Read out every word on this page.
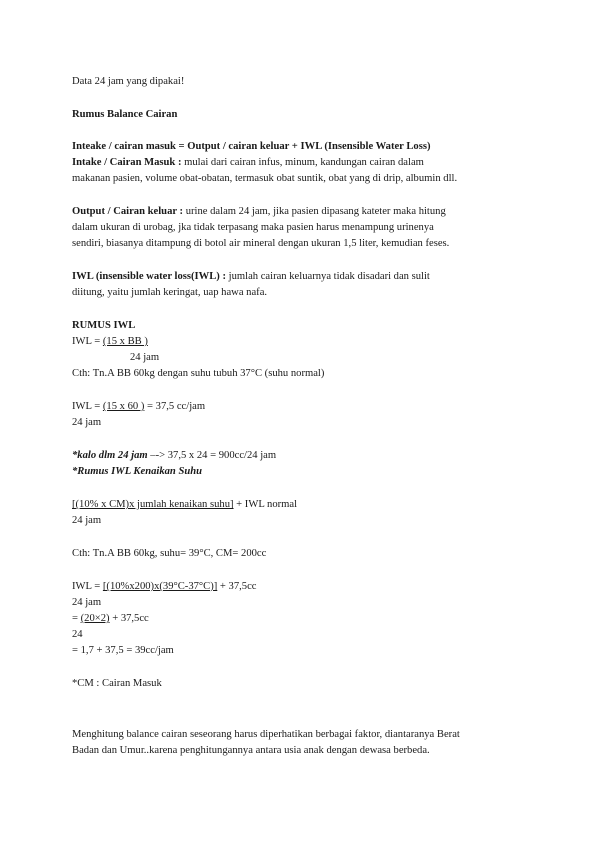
Data 24 jam yang dipakai!
Rumus Balance Cairan
Inteake / cairan masuk = Output / cairan keluar + IWL (Insensible Water Loss)
Intake / Cairan Masuk : mulai dari cairan infus, minum, kandungan cairan dalam
makanan pasien, volume obat-obatan, termasuk obat suntik, obat yang di drip, albumin dll.
Output / Cairan keluar : urine dalam 24 jam, jika pasien dipasang kateter maka hitung
dalam ukuran di urobag, jka tidak terpasang maka pasien harus menampung urinenya
sendiri, biasanya ditampung di botol air mineral dengan ukuran 1,5 liter, kemudian feses.
IWL (insensible water loss(IWL) : jumlah cairan keluarnya tidak disadari dan sulit
diitung, yaitu jumlah keringat, uap hawa nafa.
RUMUS IWL
IWL = (15 x BB )
24 jam
Cth: Tn.A BB 60kg dengan suhu tubuh 37°C (suhu normal)
IWL = (15 x 60 ) = 37,5 cc/jam
24 jam
*kalo dlm 24 jam –-> 37,5 x 24 = 900cc/24 jam
*Rumus IWL Kenaikan Suhu
[(10% x CM)x jumlah kenaikan suhu] + IWL normal
24 jam
Cth: Tn.A BB 60kg, suhu= 39°C, CM= 200cc
IWL = [(10%x200)x(39°C-37°C)] + 37,5cc
24 jam
= (20×2) + 37,5cc
24
= 1,7 + 37,5 = 39cc/jam
*CM : Cairan Masuk
Menghitung balance cairan seseorang harus diperhatikan berbagai faktor, diantaranya Berat
Badan dan Umur..karena penghitungannya antara usia anak dengan dewasa berbeda.
